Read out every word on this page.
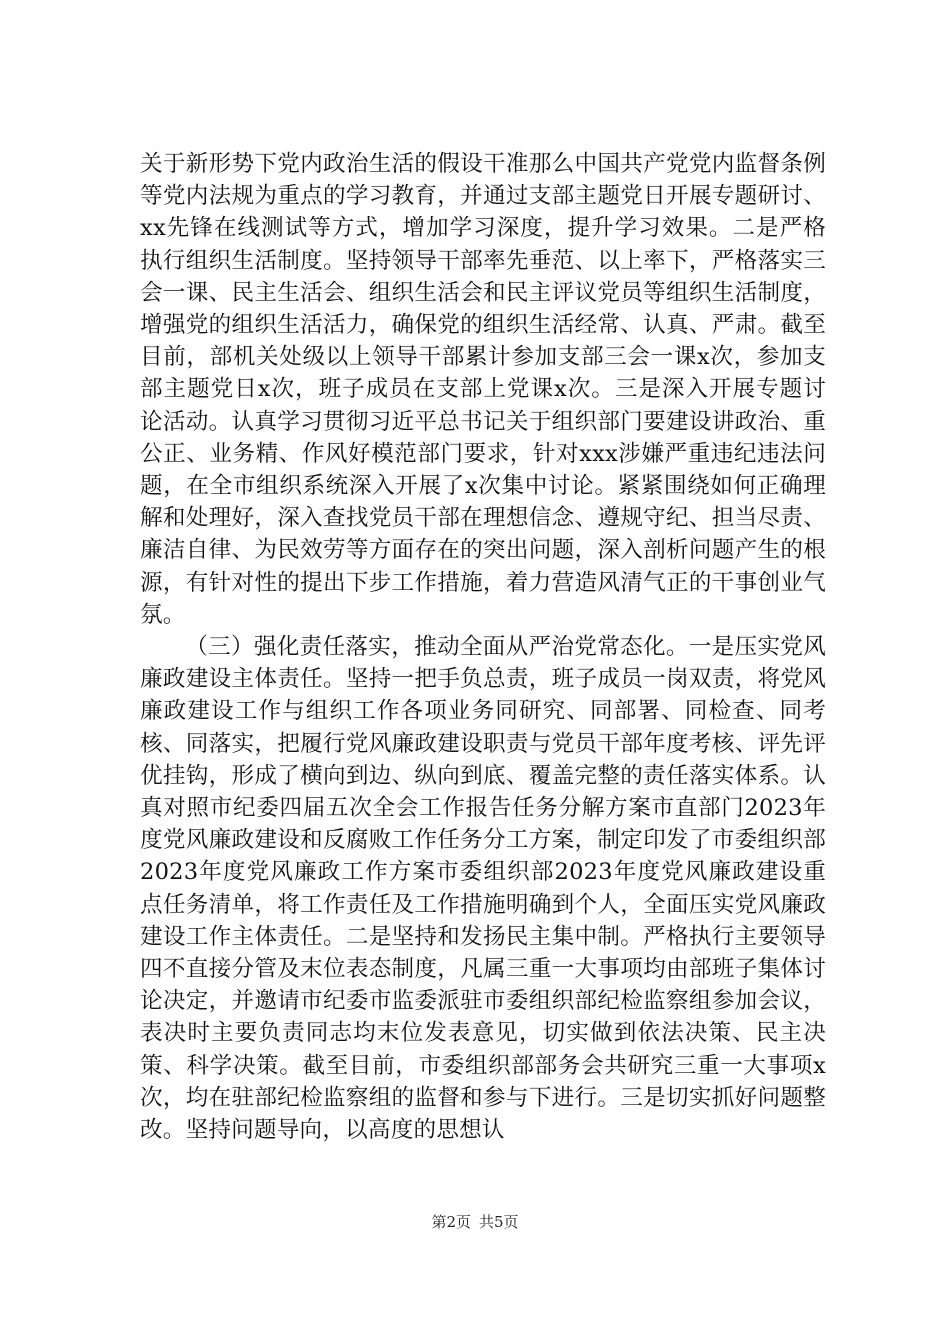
关于新形势下党内政治生活的假设干准那么中国共产党党内监督条例等党内法规为重点的学习教育，并通过支部主题党日开展专题研讨、xx先锋在线测试等方式，增加学习深度，提升学习效果。二是严格执行组织生活制度。坚持领导干部率先垂范、以上率下，严格落实三会一课、民主生活会、组织生活会和民主评议党员等组织生活制度，增强党的组织生活活力，确保党的组织生活经常、认真、严肃。截至目前，部机关处级以上领导干部累计参加支部三会一课x次，参加支部主题党日x次，班子成员在支部上党课x次。三是深入开展专题讨论活动。认真学习贯彻习近平总书记关于组织部门要建设讲政治、重公正、业务精、作风好模范部门要求，针对xxx涉嫌严重违纪违法问题，在全市组织系统深入开展了x次集中讨论。紧紧围绕如何正确理解和处理好，深入查找党员干部在理想信念、遵规守纪、担当尽责、廉洁自律、为民效劳等方面存在的突出问题，深入剖析问题产生的根源，有针对性的提出下步工作措施，着力营造风清气正的干事创业气氛。

（三）强化责任落实，推动全面从严治党常态化。一是压实党风廉政建设主体责任。坚持一把手负总责，班子成员一岗双责，将党风廉政建设工作与组织工作各项业务同研究、同部署、同检查、同考核、同落实，把履行党风廉政建设职责与党员干部年度考核、评先评优挂钩，形成了横向到边、纵向到底、覆盖完整的责任落实体系。认真对照市纪委四届五次全会工作报告任务分解方案市直部门2023年度党风廉政建设和反腐败工作任务分工方案，制定印发了市委组织部2023年度党风廉政工作方案市委组织部2023年度党风廉政建设重点任务清单，将工作责任及工作措施明确到个人，全面压实党风廉政建设工作主体责任。二是坚持和发扬民主集中制。严格执行主要领导四不直接分管及末位表态制度，凡属三重一大事项均由部班子集体讨论决定，并邀请市纪委市监委派驻市委组织部纪检监察组参加会议，表决时主要负责同志均末位发表意见，切实做到依法决策、民主决策、科学决策。截至目前，市委组织部部务会共研究三重一大事项x次，均在驻部纪检监察组的监督和参与下进行。三是切实抓好问题整改。坚持问题导向，以高度的思想认

第2页 共5页
